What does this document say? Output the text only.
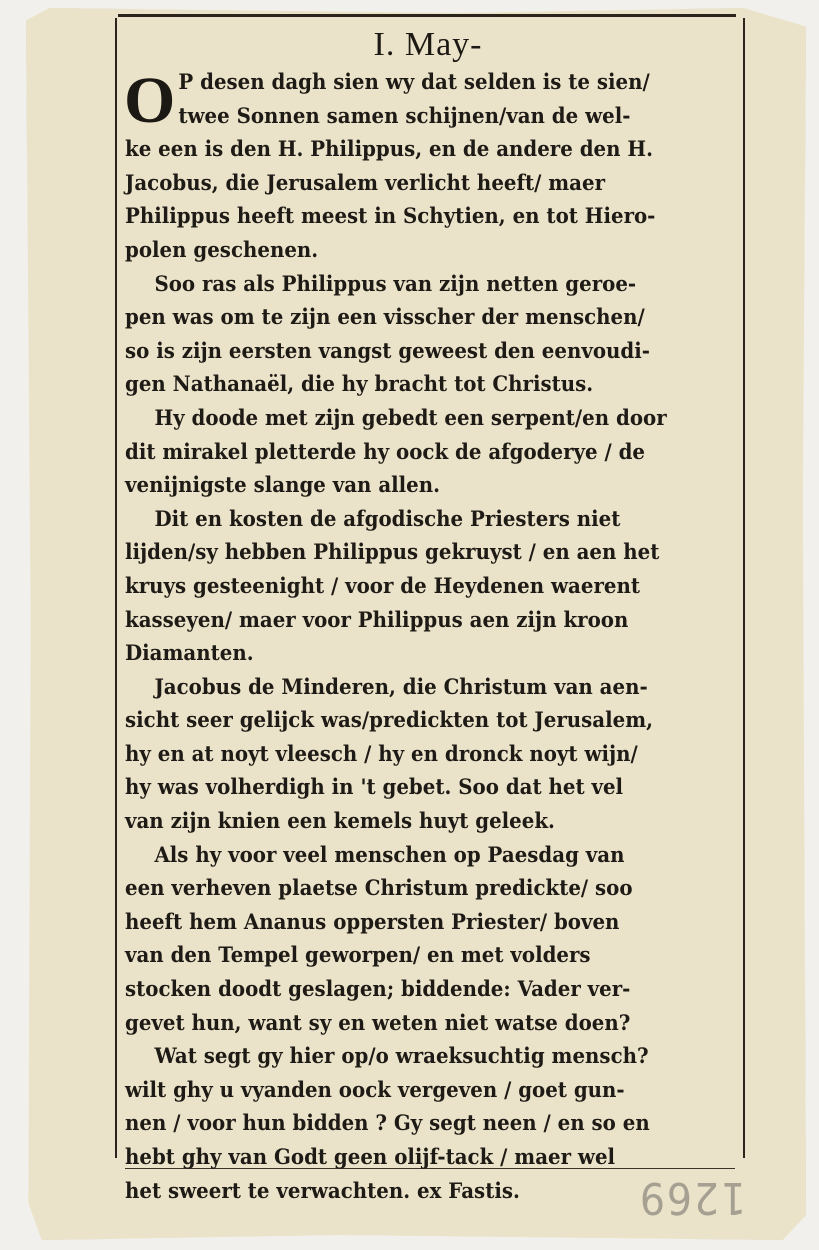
I. May-
O P desen dagh sien wy dat selden is te sien/
twee Sonnen samen schijnen/van de wel-
ke een is den H. Philippus, en de andere den H.
Jacobus, die Jerusalem verlicht heeft/ maer
Philippus heeft meest in Schytien, en tot Hiero-
polen geschenen.
Soo ras als Philippus van zijn netten geroe-
pen was om te zijn een visscher der menschen/
so is zijn eersten vangst geweest den eenvoudi-
gen Nathanaël, die hy bracht tot Christus.
Hy doode met zijn gebedt een serpent/en door
dit mirakel pletterde hy oock de afgoderye / de
venijnigste slange van allen.
Dit en kosten de afgodische Priesters niet
lijden/sy hebben Philippus gekruyst / en aen het
kruys gesteenight / voor de Heydenen waerent
kasseyen/ maer voor Philippus aen zijn kroon
Diamanten.
Jacobus de Minderen, die Christum van aen-
sicht seer gelijck was/predickten tot Jerusalem,
hy en at noyt vleesch / hy en dronck noyt wijn/
hy was volherdigh in 't gebet. Soo dat het vel
van zijn knien een kemels huyt geleek.
Als hy voor veel menschen op Paesdag van
een verheven plaetse Christum predickte/ soo
heeft hem Ananus oppersten Priester/ boven
van den Tempel geworpen/ en met volders
stocken doodt geslagen; biddende: Vader ver-
gevet hun, want sy en weten niet watse doen?
Wat segt gy hier op/o wraeksuchtig mensch?
wilt ghy u vyanden oock vergeven / goet gun-
nen / voor hun bidden ? Gy segt neen / en so en
hebt ghy van Godt geen olijf-tack / maer wel
het sweert te verwachten. ex Fastis.	1269
